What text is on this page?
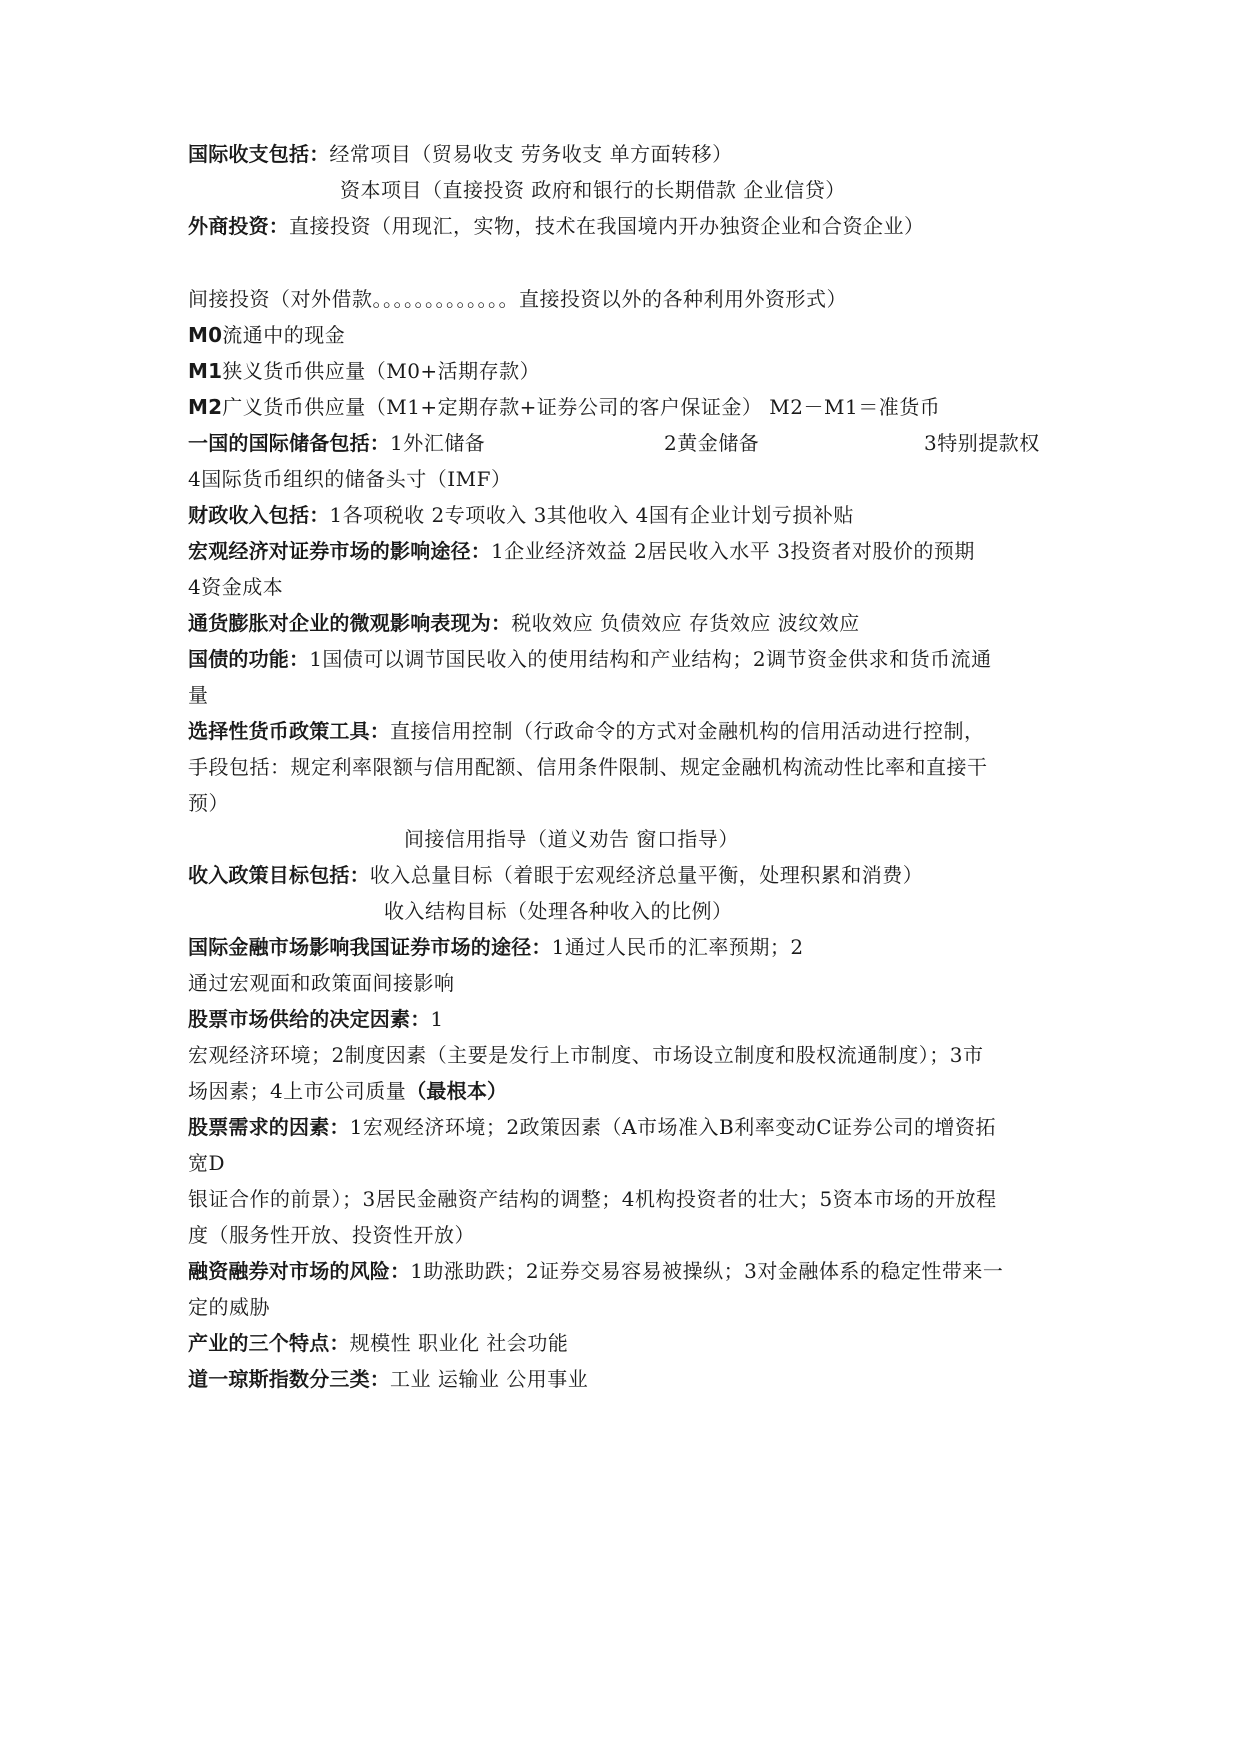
国际收支包括：经常项目（贸易收支 劳务收支 单方面转移）
资本项目（直接投资 政府和银行的长期借款 企业信贷）
外商投资：直接投资（用现汇，实物，技术在我国境内开办独资企业和合资企业）
间接投资（对外借款。。。。。。。。。。。。。直接投资以外的各种利用外资形式）
M0流通中的现金
M1狭义货币供应量（M0+活期存款）
M2广义货币供应量（M1+定期存款+证券公司的客户保证金） M2－M1＝准货币
一国的国际储备包括：1外汇储备	2黄金储备	3特别提款权
4国际货币组织的储备头寸（IMF）
财政收入包括：1各项税收 2专项收入 3其他收入 4国有企业计划亏损补贴
宏观经济对证券市场的影响途径：1企业经济效益 2居民收入水平 3投资者对股价的预期
4资金成本
通货膨胀对企业的微观影响表现为：税收效应 负债效应 存货效应 波纹效应
国债的功能：1国债可以调节国民收入的使用结构和产业结构；2调节资金供求和货币流通
量
选择性货币政策工具：直接信用控制（行政命令的方式对金融机构的信用活动进行控制，
手段包括：规定利率限额与信用配额、信用条件限制、规定金融机构流动性比率和直接干
预）
间接信用指导（道义劝告 窗口指导）
收入政策目标包括：收入总量目标（着眼于宏观经济总量平衡，处理积累和消费）
收入结构目标（处理各种收入的比例）
国际金融市场影响我国证券市场的途径：1通过人民币的汇率预期；2
通过宏观面和政策面间接影响
股票市场供给的决定因素：1
宏观经济环境；2制度因素（主要是发行上市制度、市场设立制度和股权流通制度）；3市
场因素；4上市公司质量（最根本）
股票需求的因素：1宏观经济环境；2政策因素（A市场准入B利率变动C证券公司的增资拓
宽D
银证合作的前景）；3居民金融资产结构的调整；4机构投资者的壮大；5资本市场的开放程
度（服务性开放、投资性开放）
融资融券对市场的风险：1助涨助跌；2证券交易容易被操纵；3对金融体系的稳定性带来一
定的威胁
产业的三个特点：规模性 职业化 社会功能
道一琼斯指数分三类：工业 运输业 公用事业
